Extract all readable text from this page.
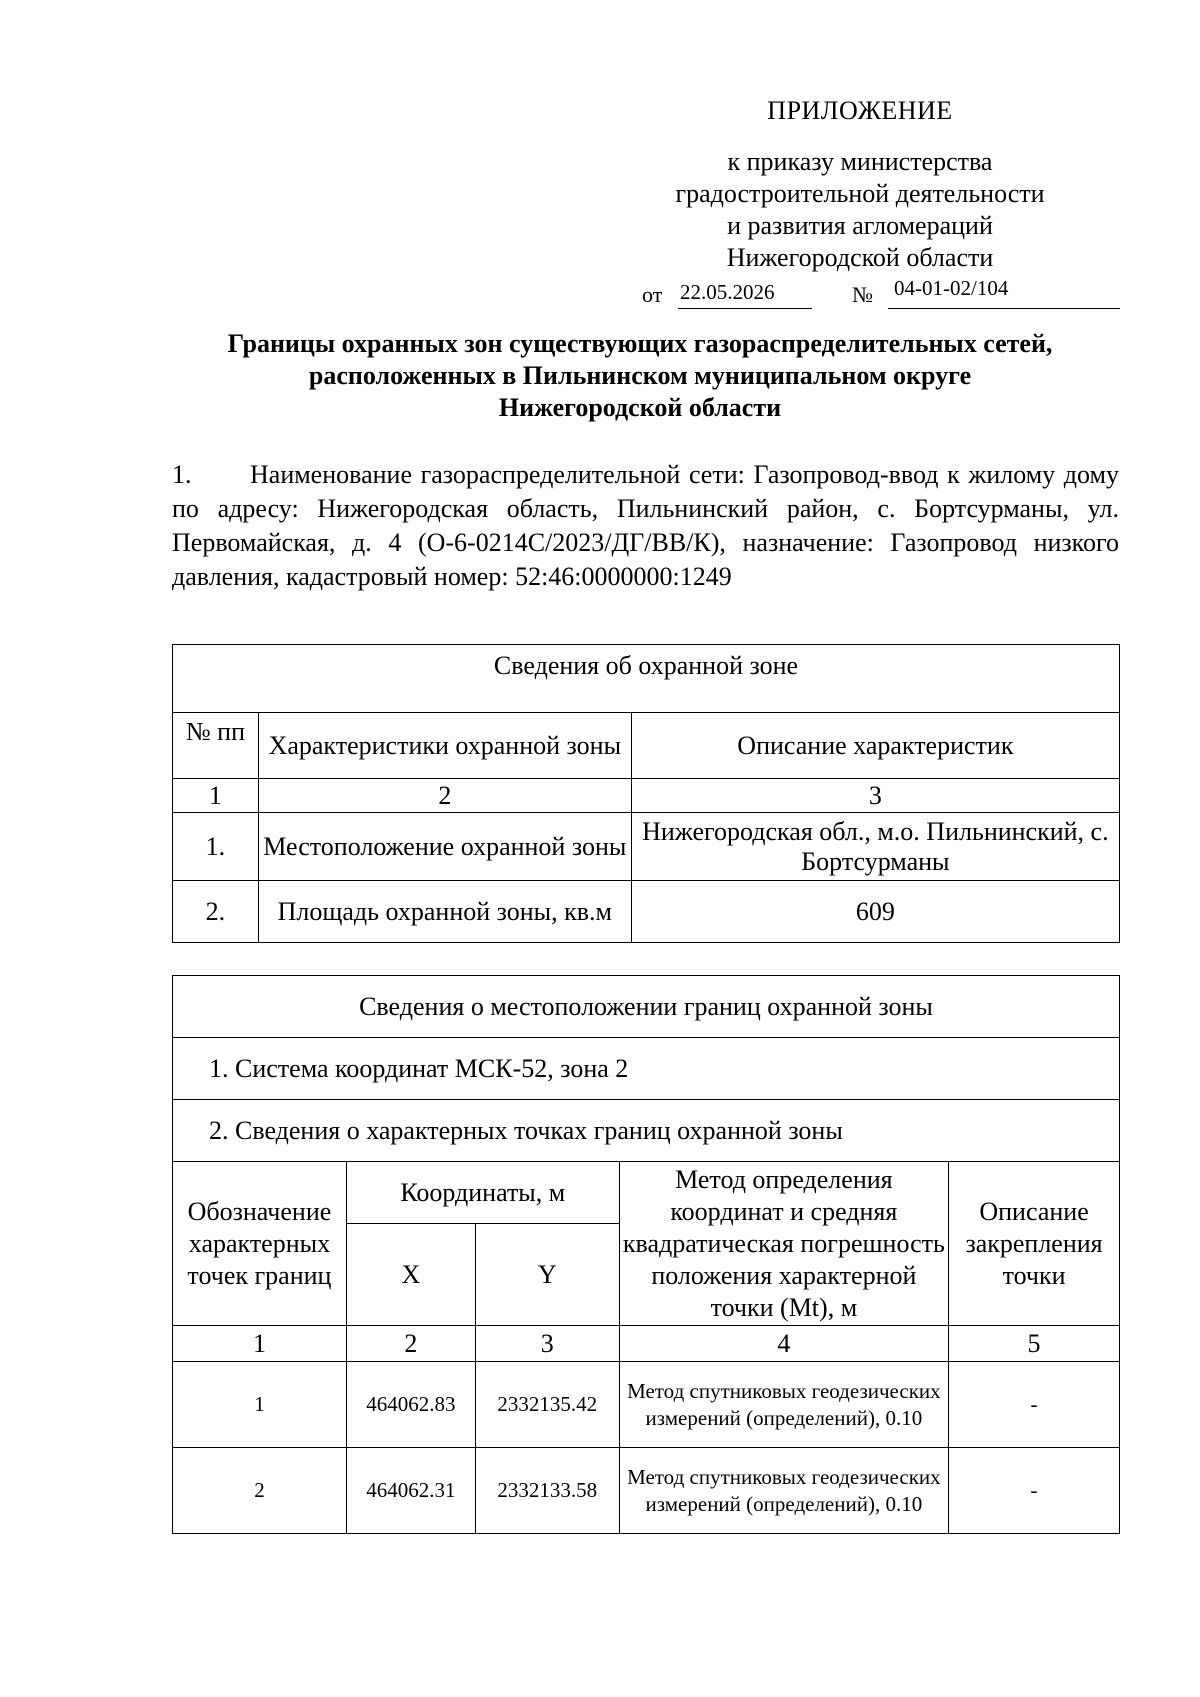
ПРИЛОЖЕНИЕ
к приказу министерства
градостроительной деятельности
и развития агломераций
Нижегородской области
от 22.05.2026	№ 04-01-02/104
Границы охранных зон существующих газораспределительных сетей,
расположенных в Пильнинском муниципальном округе
Нижегородской области
1. Наименование газораспределительной сети: Газопровод-ввод к жилому дому по адресу: Нижегородская область, Пильнинский район, с. Бортсурманы, ул. Первомайская, д. 4 (О-6-0214С/2023/ДГ/ВВ/К), назначение: Газопровод низкого давления, кадастровый номер: 52:46:0000000:1249
Сведения об охранной зоне		
№ пп	Характеристики охранной зоны	Описание характеристик
1	2	3
1.	Местоположение охранной зоны	Нижегородская обл., м.о. Пильнинский, с. Бортсурманы
2.	Площадь охранной зоны, кв.м	609
Сведения о местоположении границ охранной зоны				
1. Система координат МСК-52, зона 2				
2. Сведения о характерных точках границ охранной зоны				
Обозначение характерных точек границ	Координаты, м		Метод определения координат и средняя квадратическая погрешность положения характерной точки (Mt), м	Описание закрепления точки
	X	Y		
1	2	3	4	5
1	464062.83	2332135.42	Метод спутниковых геодезических измерений (определений), 0.10	-
2	464062.31	2332133.58	Метод спутниковых геодезических измерений (определений), 0.10	-
